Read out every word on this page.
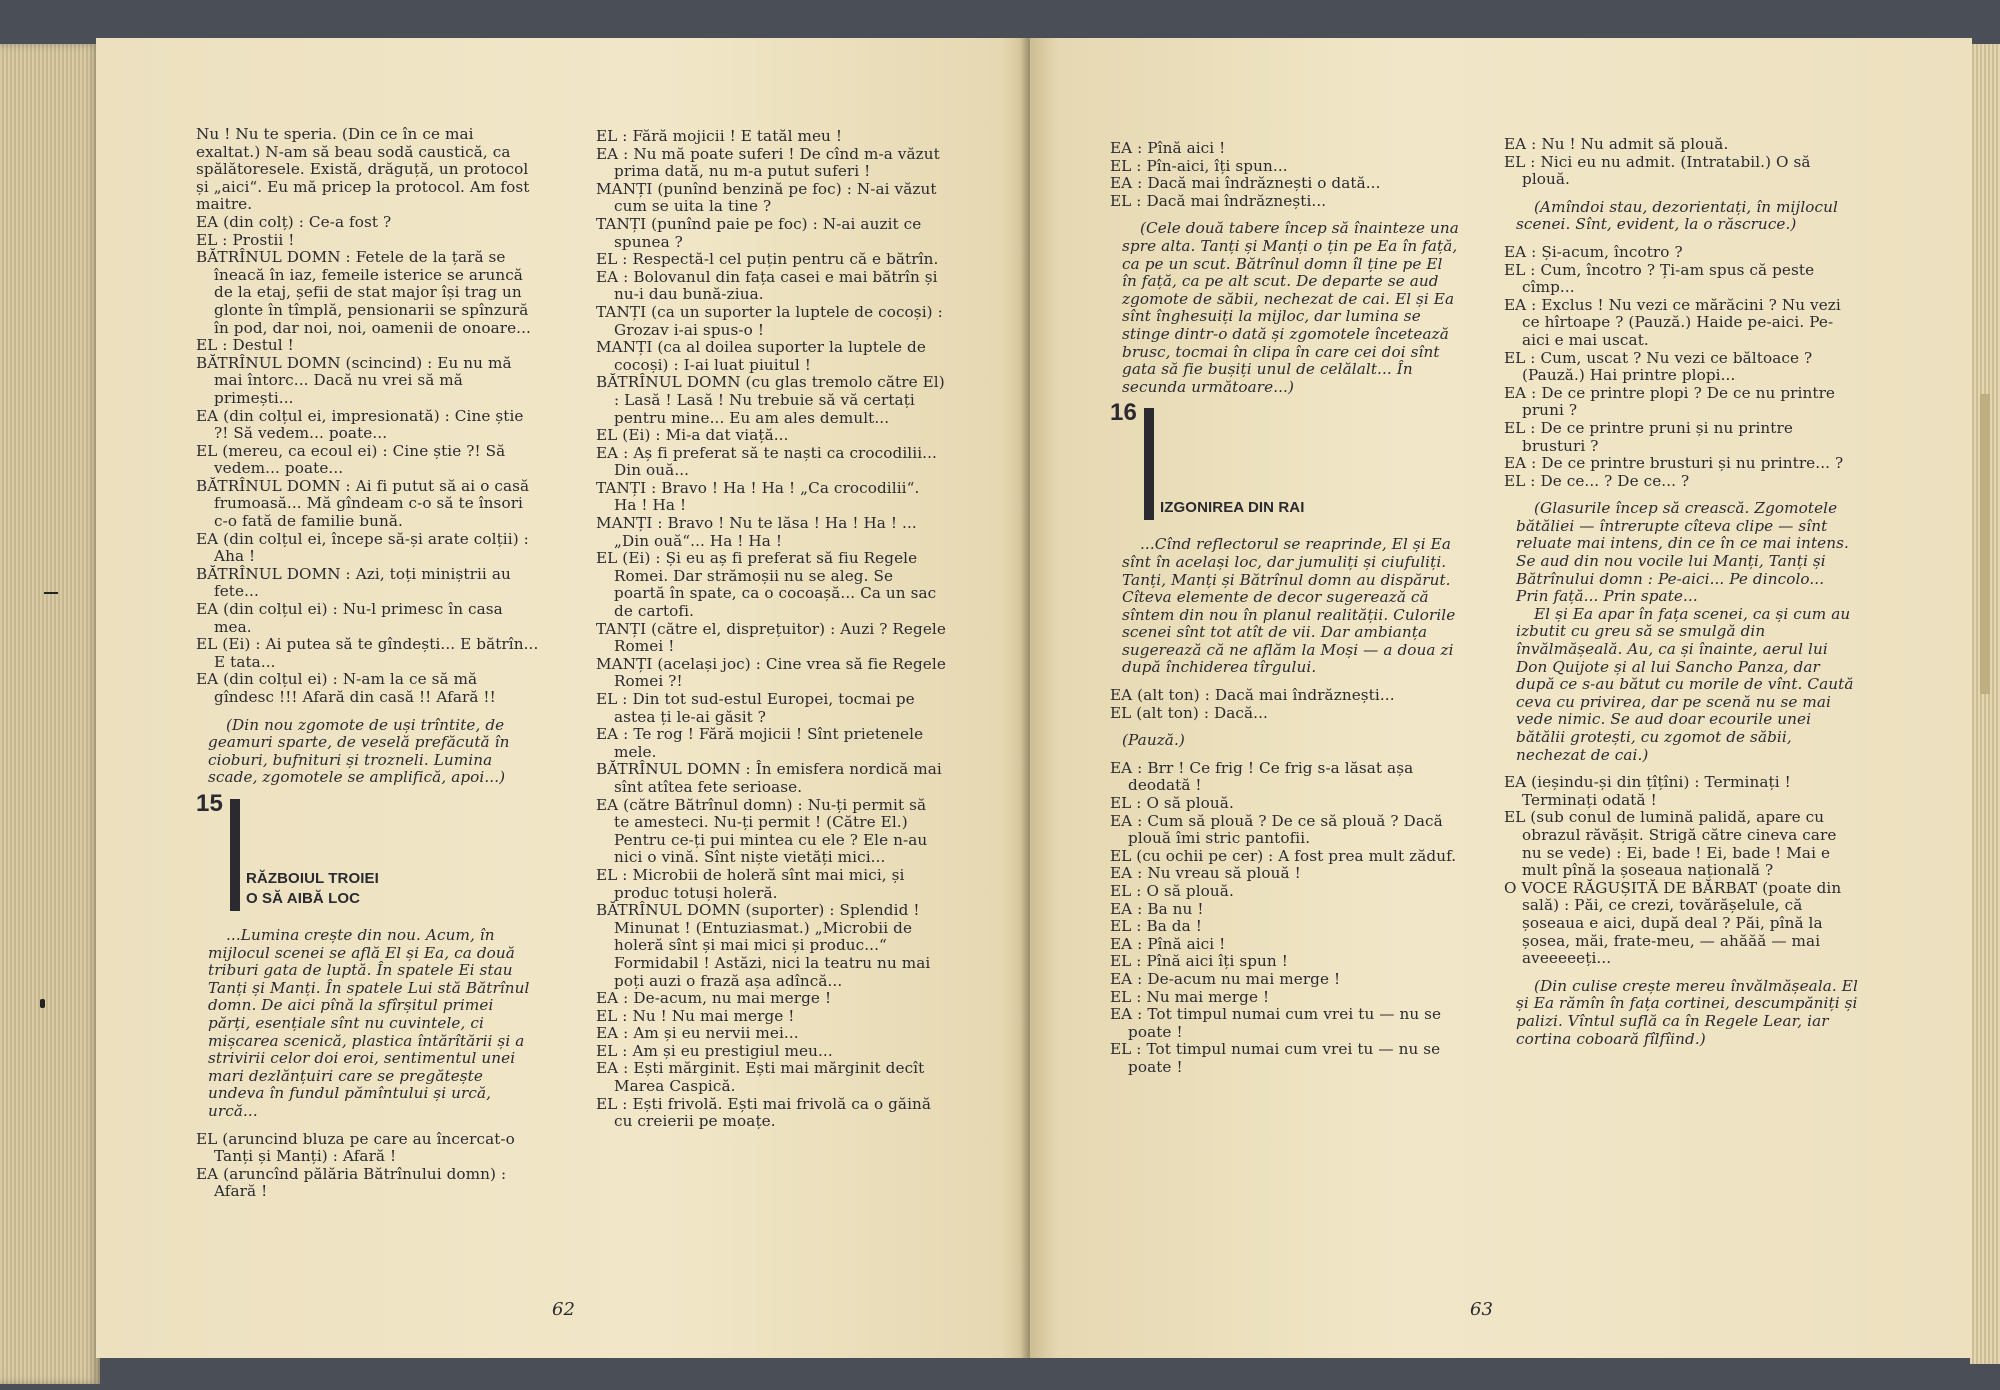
Nu ! Nu te speria. (Din ce în ce mai exaltat.) N-am să beau sodă caustică, ca spălătoresele. Există, drăguță, un protocol și „aici“. Eu mă pricep la protocol. Am fost maitre.

EA (din colț) : Ce-a fost ?

EL : Prostii !

BĂTRÎNUL DOMN : Fetele de la țară se îneacă în iaz, femeile isterice se aruncă de la etaj, șefii de stat major își trag un glonte în tîmplă, pensionarii se spînzură în pod, dar noi, noi, oamenii de onoare...

EL : Destul !

BĂTRÎNUL DOMN (scincind) : Eu nu mă mai întorc... Dacă nu vrei să mă primești...

EA (din colțul ei, impresionată) : Cine știe ?! Să vedem... poate...

EL (mereu, ca ecoul ei) : Cine știe ?! Să vedem... poate...

BĂTRÎNUL DOMN : Ai fi putut să ai o casă frumoasă... Mă gîndeam c-o să te însori c-o fată de familie bună.

EA (din colțul ei, începe să-și arate colții) : Aha !

BĂTRÎNUL DOMN : Azi, toți miniștrii au fete...

EA (din colțul ei) : Nu-l primesc în casa mea.

EL (Ei) : Ai putea să te gîndești... E bătrîn... E tata...

EA (din colțul ei) : N-am la ce să mă gîndesc !!! Afară din casă !! Afară !!

(Din nou zgomote de uși trîntite, de geamuri sparte, de veselă prefăcută în cioburi, bufnituri și trozneli. Lumina scade, zgomotele se amplifică, apoi...)

15
RĂZBOIUL TROIEI
O SĂ AIBĂ LOC

...Lumina crește din nou. Acum, în mijlocul scenei se află El și Ea, ca două triburi gata de luptă. În spatele Ei stau Tanți și Manți. În spatele Lui stă Bătrînul domn. De aici pînă la sfîrșitul primei părți, esențiale sînt nu cuvintele, ci mișcarea scenică, plastica întărîtării și a strivirii celor doi eroi, sentimentul unei mari dezlănțuiri care se pregătește undeva în fundul pămîntului și urcă, urcă...

EL (aruncind bluza pe care au încercat-o Tanți și Manți) : Afară !

EA (aruncînd pălăria Bătrînului domn) : Afară !

EL : Fără mojicii ! E tatăl meu !

EA : Nu mă poate suferi ! De cînd m-a văzut prima dată, nu m-a putut suferi !

MANȚI (punînd benzină pe foc) : N-ai văzut cum se uita la tine ?

TANȚI (punînd paie pe foc) : N-ai auzit ce spunea ?

EL : Respectă-l cel puțin pentru că e bătrîn.

EA : Bolovanul din fața casei e mai bătrîn și nu-i dau bună-ziua.

TANȚI (ca un suporter la luptele de cocoși) : Grozav i-ai spus-o !

MANȚI (ca al doilea suporter la luptele de cocoși) : I-ai luat piuitul !

BĂTRÎNUL DOMN (cu glas tremolo către El) : Lasă ! Lasă ! Nu trebuie să vă certați pentru mine... Eu am ales demult...

EL (Ei) : Mi-a dat viață...

EA : Aș fi preferat să te naști ca crocodilii... Din ouă...

TANȚI : Bravo ! Ha ! Ha ! „Ca crocodilii“. Ha ! Ha !

MANȚI : Bravo ! Nu te lăsa ! Ha ! Ha ! ...„Din ouă“... Ha ! Ha !

EL (Ei) : Și eu aș fi preferat să fiu Regele Romei. Dar strămoșii nu se aleg. Se poartă în spate, ca o cocoașă... Ca un sac de cartofi.

TANȚI (către el, disprețuitor) : Auzi ? Regele Romei !

MANȚI (același joc) : Cine vrea să fie Regele Romei ?!

EL : Din tot sud-estul Europei, tocmai pe astea ți le-ai găsit ?

EA : Te rog ! Fără mojicii ! Sînt prietenele mele.

BĂTRÎNUL DOMN : În emisfera nordică mai sînt atîtea fete serioase.

EA (către Bătrînul domn) : Nu-ți permit să te amesteci. Nu-ți permit ! (Către El.) Pentru ce-ți pui mintea cu ele ? Ele n-au nici o vină. Sînt niște vietăți mici...

EL : Microbii de holeră sînt mai mici, și produc totuși holeră.

BĂTRÎNUL DOMN (suporter) : Splendid ! Minunat ! (Entuziasmat.) „Microbii de holeră sînt și mai mici și produc...“ Formidabil ! Astăzi, nici la teatru nu mai poți auzi o frază așa adîncă...

EA : De-acum, nu mai merge !

EL : Nu ! Nu mai merge !

EA : Am și eu nervii mei...

EL : Am și eu prestigiul meu...

EA : Ești mărginit. Ești mai mărginit decît Marea Caspică.

EL : Ești frivolă. Ești mai frivolă ca o găină cu creierii pe moațe.

62

EA : Pînă aici !

EL : Pîn-aici, îți spun...

EA : Dacă mai îndrăznești o dată...

EL : Dacă mai îndrăznești...

(Cele două tabere încep să înainteze una spre alta. Tanți și Manți o țin pe Ea în față, ca pe un scut. Bătrînul domn îl ține pe El în față, ca pe alt scut. De departe se aud zgomote de săbii, nechezat de cai. El și Ea sînt înghesuiți la mijloc, dar lumina se stinge dintr-o dată și zgomotele încetează brusc, tocmai în clipa în care cei doi sînt gata să fie bușiți unul de celălalt... În secunda următoare...)

16
IZGONIREA DIN RAI

...Cînd reflectorul se reaprinde, El și Ea sînt în același loc, dar jumuliți și ciufuliți. Tanți, Manți și Bătrînul domn au dispărut. Cîteva elemente de decor sugerează că sîntem din nou în planul realității. Culorile scenei sînt tot atît de vii. Dar ambianța sugerează că ne aflăm la Moși — a doua zi după închiderea tîrgului.

EA (alt ton) : Dacă mai îndrăznești...

EL (alt ton) : Dacă...

(Pauză.)

EA : Brr ! Ce frig ! Ce frig s-a lăsat așa deodată !

EL : O să plouă.

EA : Cum să plouă ? De ce să plouă ? Dacă plouă îmi stric pantofii.

EL (cu ochii pe cer) : A fost prea mult zăduf.

EA : Nu vreau să plouă !

EL : O să plouă.

EA : Ba nu !

EL : Ba da !

EA : Pînă aici !

EL : Pînă aici îți spun !

EA : De-acum nu mai merge !

EL : Nu mai merge !

EA : Tot timpul numai cum vrei tu — nu se poate !

EL : Tot timpul numai cum vrei tu — nu se poate !

EA : Nu ! Nu admit să plouă.

EL : Nici eu nu admit. (Intratabil.) O să plouă.

(Amîndoi stau, dezorientați, în mijlocul scenei. Sînt, evident, la o răscruce.)

EA : Și-acum, încotro ?

EL : Cum, încotro ? Ți-am spus că peste cîmp...

EA : Exclus ! Nu vezi ce mărăcini ? Nu vezi ce hîrtoape ? (Pauză.) Haide pe-aici. Pe-aici e mai uscat.

EL : Cum, uscat ? Nu vezi ce băltoace ? (Pauză.) Hai printre plopi...

EA : De ce printre plopi ? De ce nu printre pruni ?

EL : De ce printre pruni și nu printre brusturi ?

EA : De ce printre brusturi și nu printre... ?

EL : De ce... ? De ce... ?

(Glasurile încep să crească. Zgomotele bătăliei — întrerupte cîteva clipe — sînt reluate mai intens, din ce în ce mai intens. Se aud din nou vocile lui Manți, Tanți și Bătrînului domn : Pe-aici... Pe dincolo... Prin față... Prin spate...

El și Ea apar în fața scenei, ca și cum au izbutit cu greu să se smulgă din învălmășeală. Au, ca și înainte, aerul lui Don Quijote și al lui Sancho Panza, dar după ce s-au bătut cu morile de vînt. Caută ceva cu privirea, dar pe scenă nu se mai vede nimic. Se aud doar ecourile unei bătălii grotești, cu zgomot de săbii, nechezat de cai.)

EA (ieșindu-și din țîțîni) : Terminați ! Terminați odată !

EL (sub conul de lumină palidă, apare cu obrazul răvășit. Strigă către cineva care nu se vede) : Ei, bade ! Ei, bade ! Mai e mult pînă la șoseaua națională ?

O VOCE RĂGUȘITĂ DE BĂRBAT (poate din sală) : Păi, ce crezi, tovărășelule, că șoseaua e aici, după deal ? Păi, pînă la șosea, măi, frate-meu, — ahăăă — mai aveeeeeți...

(Din culise crește mereu învălmășeala. El și Ea rămîn în fața cortinei, descumpăniți și palizi. Vîntul suflă ca în Regele Lear, iar cortina coboară fîlfîind.)

63
